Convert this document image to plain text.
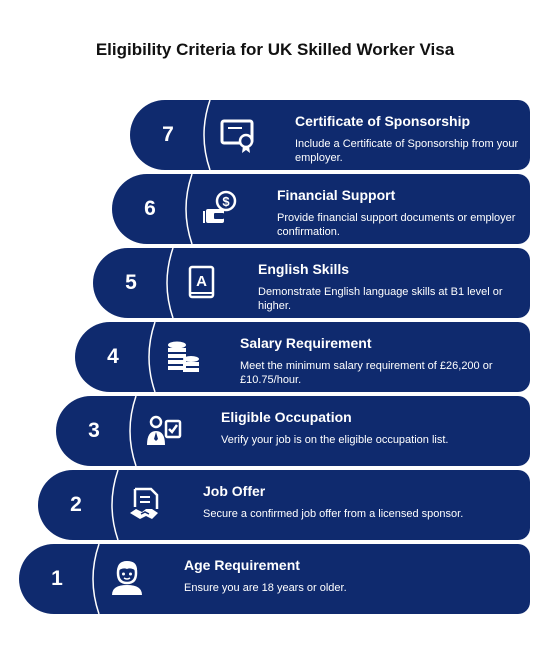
Eligibility Criteria for UK Skilled Worker Visa
7
Certificate of Sponsorship
Include a Certificate of Sponsorship from your employer.
6	$	Financial Support
Provide financial support documents or employer confirmation.
5	A
English Skills
Demonstrate English language skills at B1 level or higher.
4
Salary Requirement
Meet the minimum salary requirement of £26,200 or £10.75/hour.
3
Eligible Occupation
Verify your job is on the eligible occupation list.
2
Job Offer
Secure a confirmed job offer from a licensed sponsor.
1
Age Requirement
Ensure you are 18 years or older.
